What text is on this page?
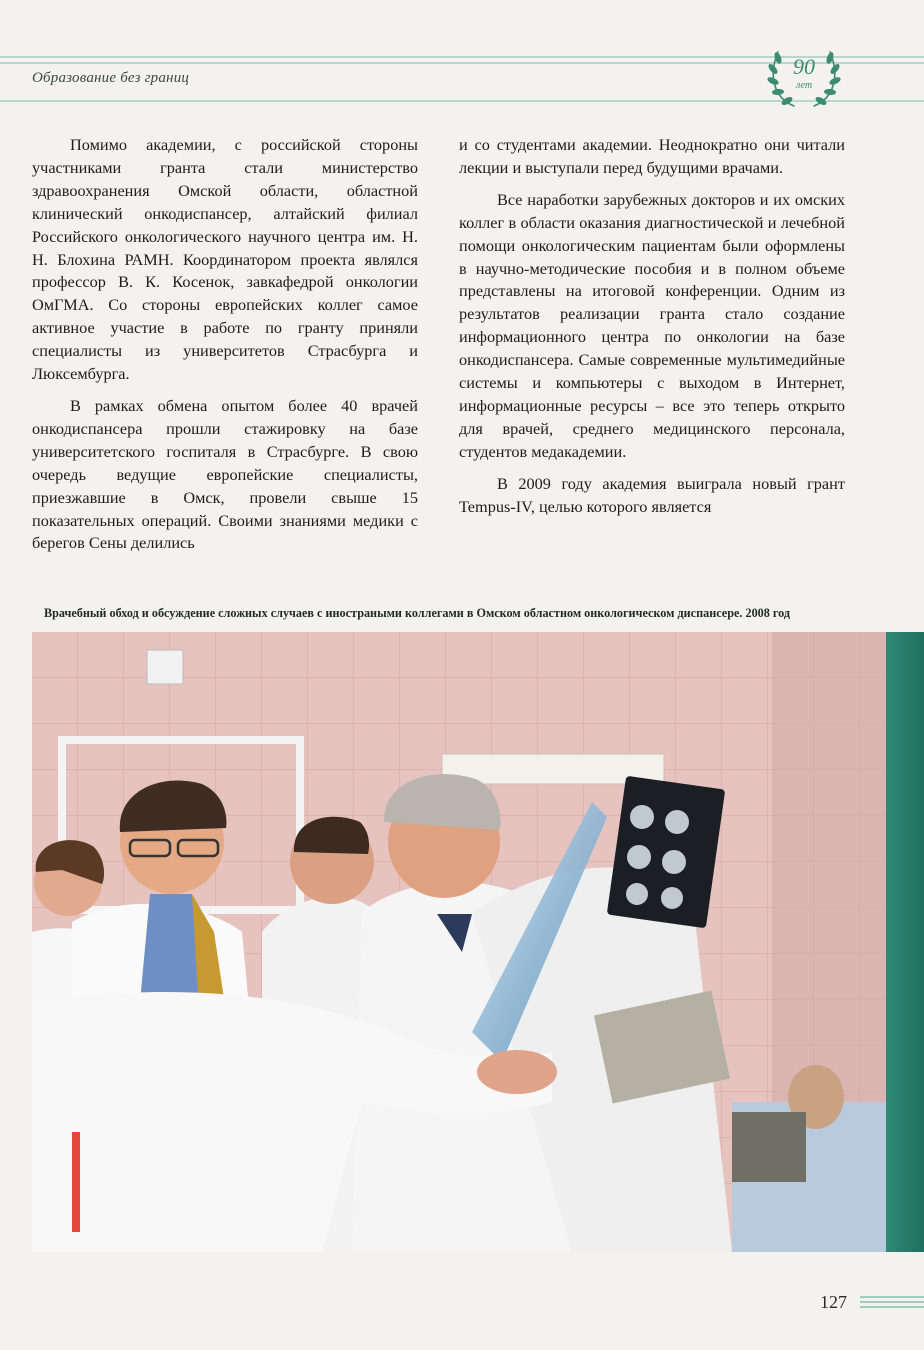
Образование без границ	90
лет

Помимо академии, с российской стороны участниками гранта стали министерство здравоохранения Омской области, областной клинический онкодиспансер, алтайский филиал Российского онкологического научного центра им. Н. Н. Блохина РАМН. Координатором проекта являлся профессор В. К. Косенок, завкафедрой онкологии ОмГМА. Со стороны европейских коллег самое активное участие в работе по гранту приняли специалисты из университетов Страсбурга и Люксембурга.

В рамках обмена опытом более 40 врачей онкодиспансера прошли стажировку на базе университетского госпиталя в Страсбурге. В свою очередь ведущие европейские специалисты, приезжавшие в Омск, провели свыше 15 показательных операций. Своими знаниями медики с берегов Сены делились

и со студентами академии. Неоднократно они читали лекции и выступали перед будущими врачами.

Все наработки зарубежных докторов и их омских коллег в области оказания диагностической и лечебной помощи онкологическим пациентам были оформлены в научно-методические пособия и в полном объеме представлены на итоговой конференции. Одним из результатов реализации гранта стало создание информационного центра по онкологии на базе онкодиспансера. Самые современные мультимедийные системы и компьютеры с выходом в Интернет, информационные ресурсы – все это теперь открыто для врачей, среднего медицинского персонала, студентов медакадемии.

В 2009 году академия выиграла новый грант Tempus-IV, целью которого является

Врачебный обход и обсуждение сложных случаев с иностраными коллегами в Омском областном онкологическом диспансере. 2008 год
127
